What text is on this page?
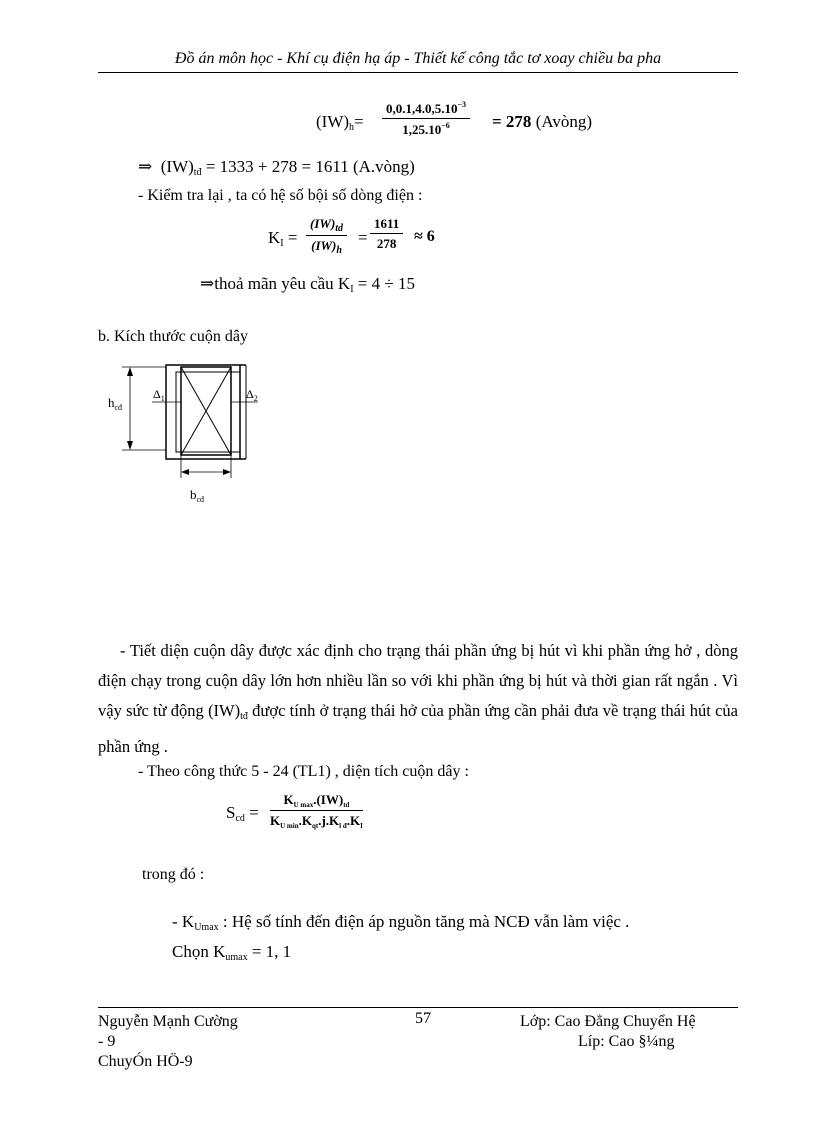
Đồ án môn học - Khí cụ điện hạ áp - Thiết kế công tắc tơ xoay chiều ba pha
$(IW)_h= \frac{0,0.1,4.0,5.10^{-3}}{1,25.10^{-6}} = 278$ (Avòng)
⇒ $(IW)_{tđ} = 1333 + 278 = 1611$ (A.vòng)
- Kiểm tra lại , ta có hệ số bội số dòng điện :
$K_I = \frac{(IW)_{td}}{(IW)_h} = \frac{1611}{278} \approx 6$
⇒thoả mãn yêu cầu $K_I = 4 \div 15$
b. Kích thước cuộn dây
$h_{cđ}$
$\Delta_1$	$\Delta_2$
$b_{cđ}$
- Tiết diện cuộn dây được xác định cho trạng thái phần ứng bị hút vì khi phần ứng hở , dòng điện chạy trong cuộn dây lớn hơn nhiều lần so với khi phần ứng bị hút và thời gian rất ngắn . Vì vậy sức từ động $(IW)_{tđ}$ được tính ở trạng thái hở của phần ứng cần phải đưa về trạng thái hút của phần ứng .
- Theo công thức 5 - 24 (TL1) , diện tích cuộn dây :
$S_{cd}$ =
$K_{U max}.(IW)_{td}$
$K_{U min}.K_{qt}.j.K_{l đ}.K_I$
trong đó :
- $K_{Umax}$ : Hệ số tính đến điện áp nguồn tăng mà NCĐ vẫn làm việc .
Chọn $K_{umax} = 1$, 1
Nguyễn Mạnh Cường
- 9
ChuyÓn HÖ-9
57	Lớp: Cao Đẳng Chuyển Hệ
Líp: Cao §¼ng
